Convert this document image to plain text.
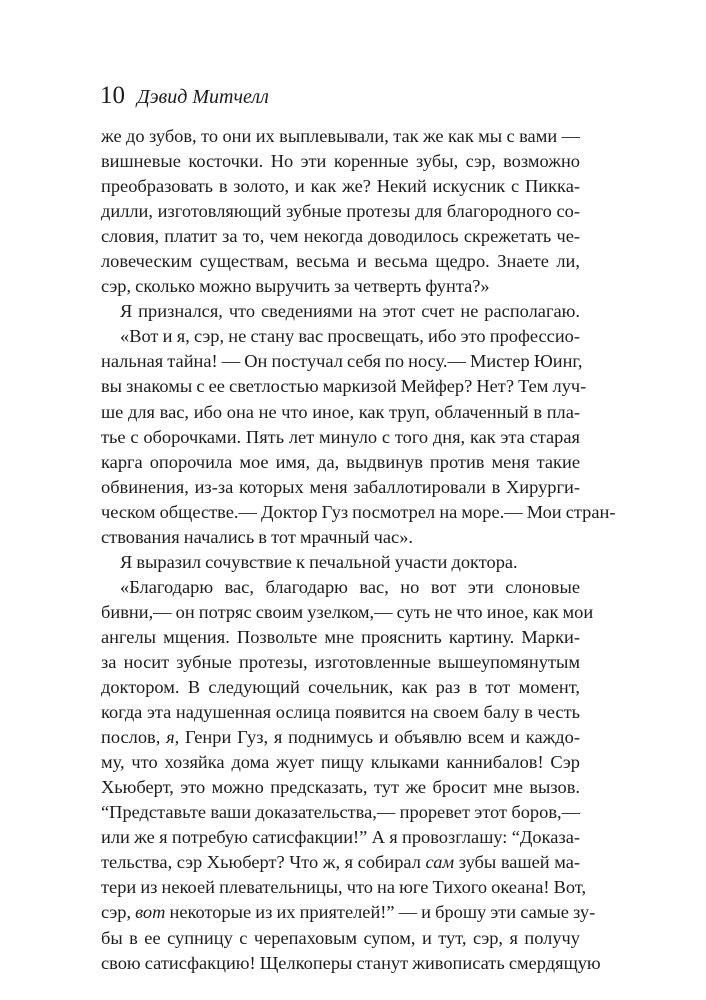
10 Дэвид Митчелл
же до зубов, то они их выплевывали, так же как мы с вами —
вишневые косточки. Но эти коренные зубы, сэр, возможно
преобразовать в золото, и как же? Некий искусник с Пикка-
дилли, изготовляющий зубные протезы для благородного со-
словия, платит за то, чем некогда доводилось скрежетать че-
ловеческим существам, весьма и весьма щедро. Знаете ли,
сэр, сколько можно выручить за четверть фунта?»
Я признался, что сведениями на этот счет не располагаю.
«Вот и я, сэр, не стану вас просвещать, ибо это профессио-
нальная тайна! — Он постучал себя по носу.— Мистер Юинг,
вы знакомы с ее светлостью маркизой Мейфер? Нет? Тем луч-
ше для вас, ибо она не что иное, как труп, облаченный в пла-
тье с оборочками. Пять лет минуло с того дня, как эта старая
карга опорочила мое имя, да, выдвинув против меня такие
обвинения, из-за которых меня забаллотировали в Хирурги-
ческом обществе.— Доктор Гуз посмотрел на море.— Мои стран-
ствования начались в тот мрачный час».
Я выразил сочувствие к печальной участи доктора.
«Благодарю вас, благодарю вас, но вот эти слоновые
бивни,— он потряс своим узелком,— суть не что иное, как мои
ангелы мщения. Позвольте мне прояснить картину. Марки-
за носит зубные протезы, изготовленные вышеупомянутым
доктором. В следующий сочельник, как раз в тот момент,
когда эта надушенная ослица появится на своем балу в честь
послов, я, Генри Гуз, я поднимусь и объявлю всем и каждо-
му, что хозяйка дома жует пищу клыками каннибалов! Сэр
Хьюберт, это можно предсказать, тут же бросит мне вызов.
“Представьте ваши доказательства,— проревет этот боров,—
или же я потребую сатисфакции!” А я провозглашу: “Доказа-
тельства, сэр Хьюберт? Что ж, я собирал сам зубы вашей ма-
тери из некоей плевательницы, что на юге Тихого океана! Вот,
сэр, вот некоторые из их приятелей!” — и брошу эти самые зу-
бы в ее супницу с черепаховым супом, и тут, сэр, я получу
свою сатисфакцию! Щелкоперы станут живописать смердящую
